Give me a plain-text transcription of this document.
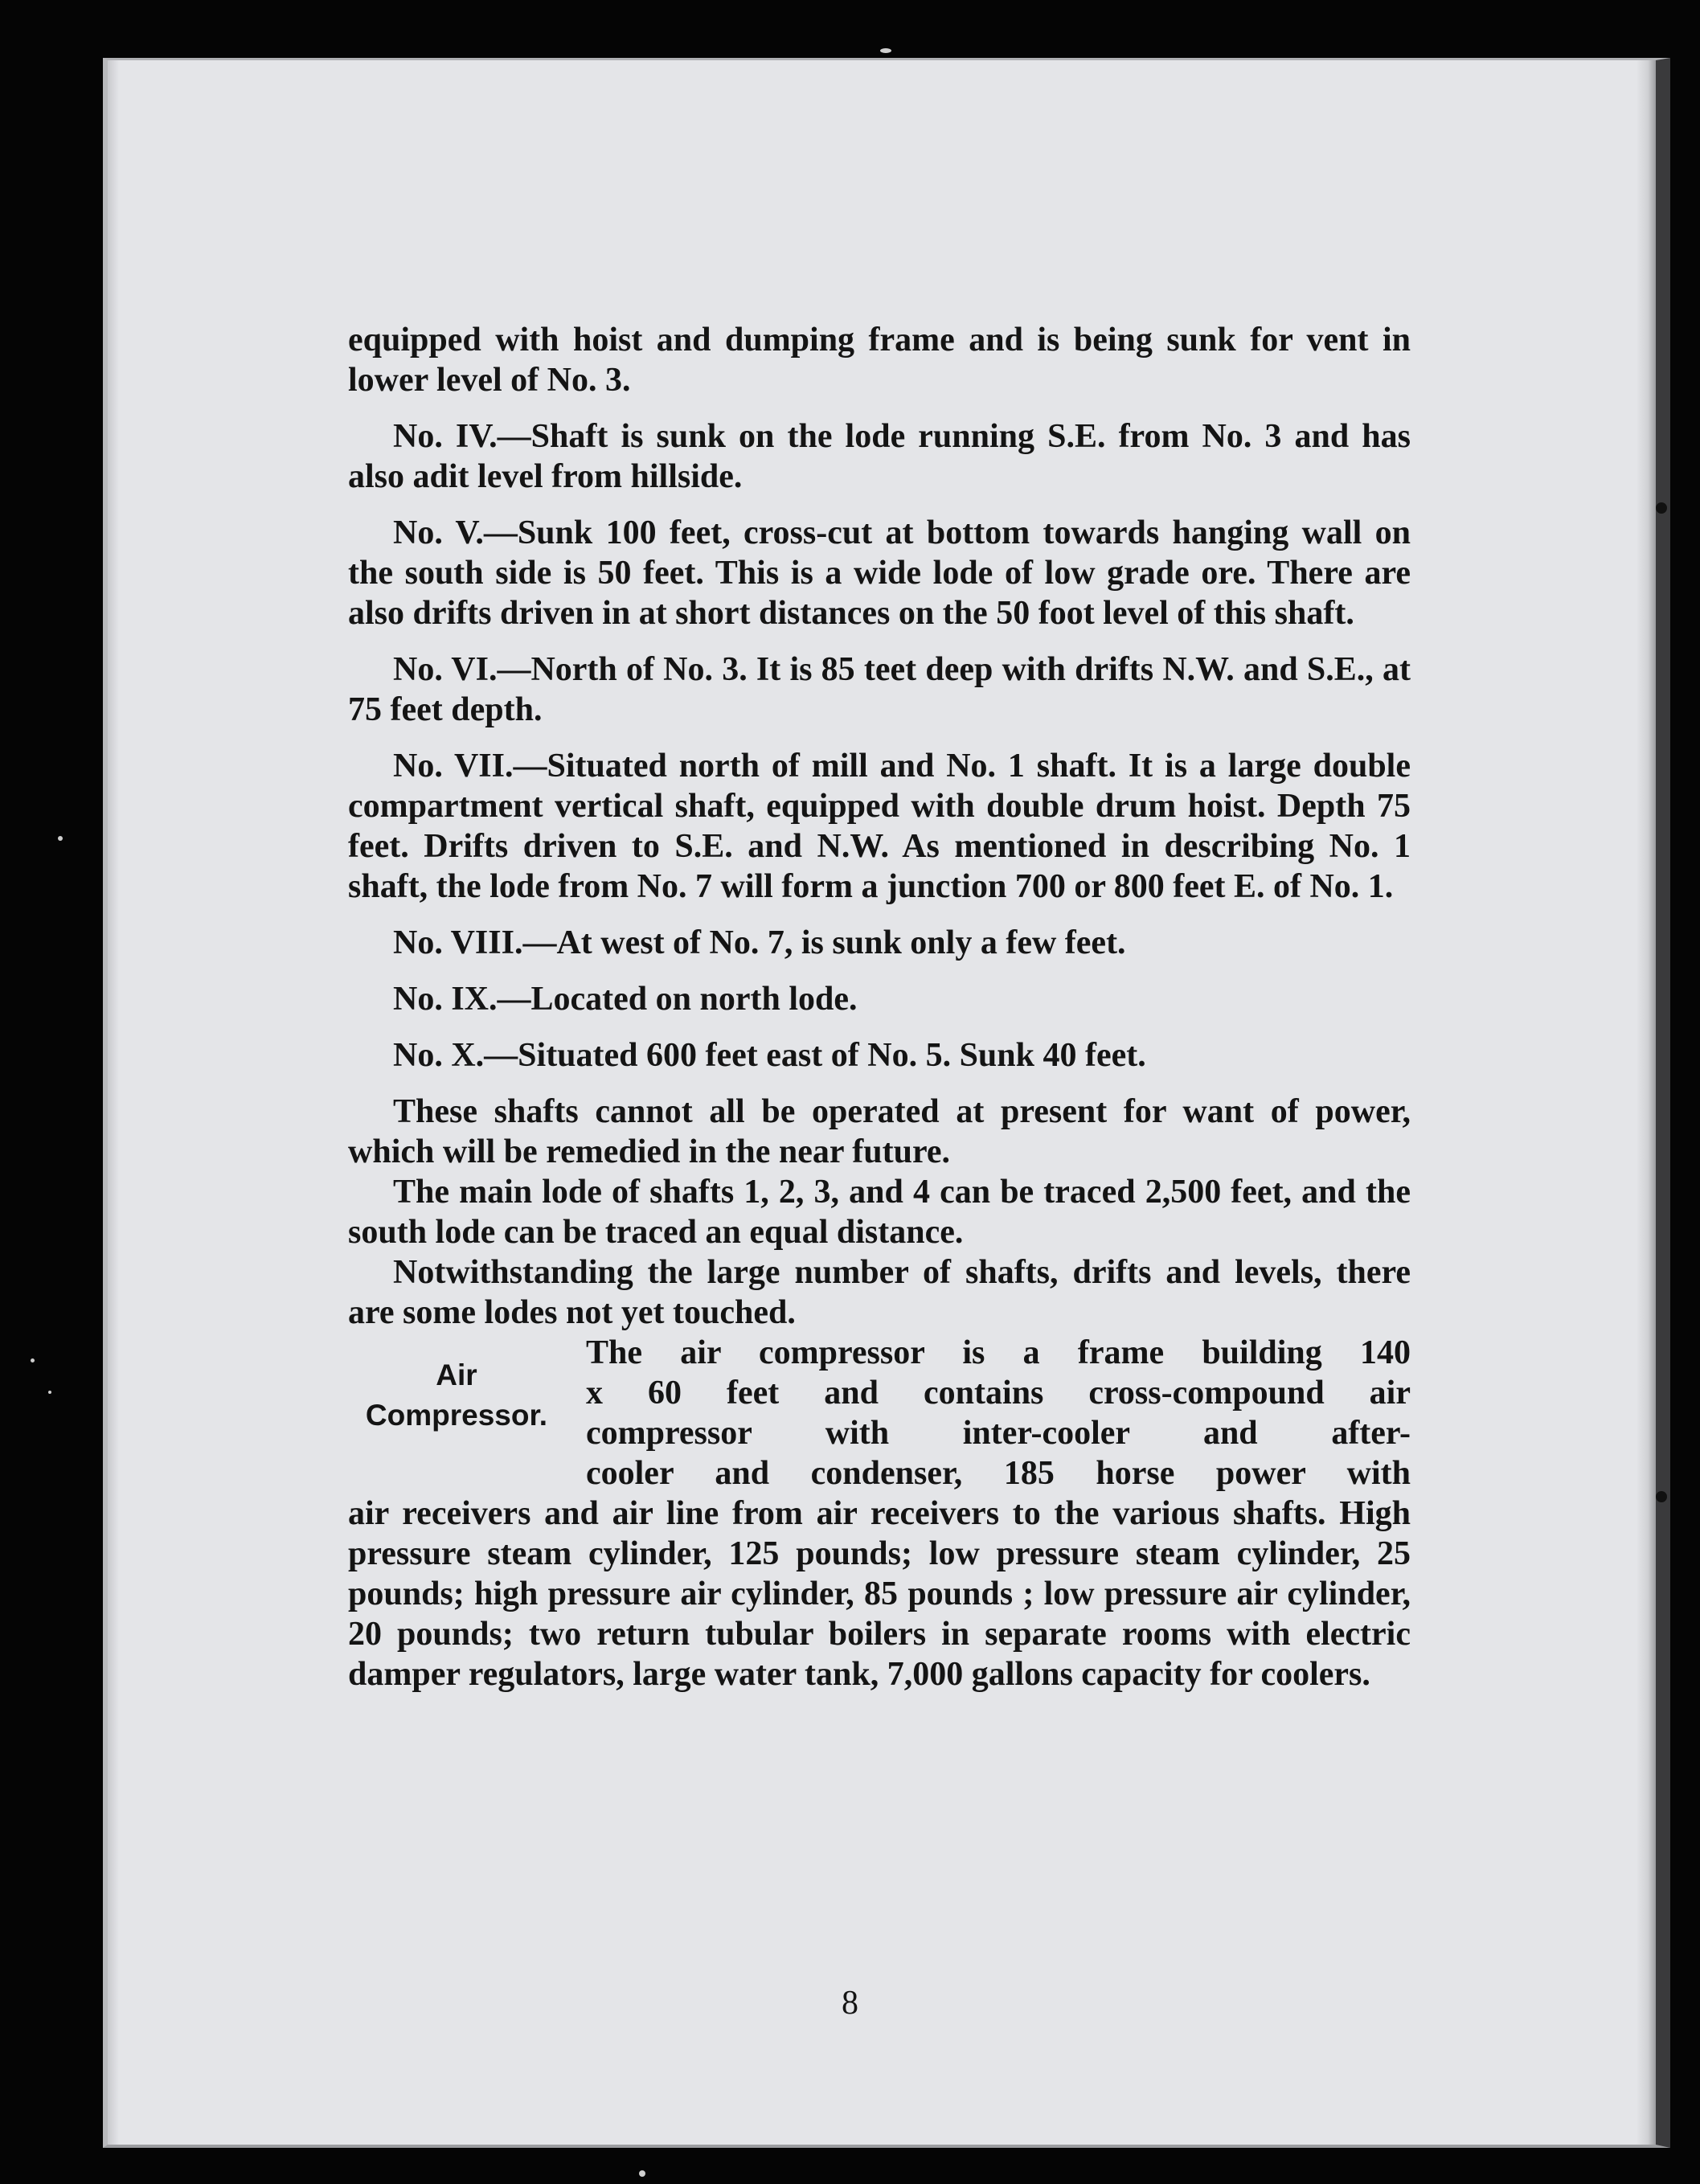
equipped with hoist and dumping frame and is being sunk for vent in lower level of No. 3.

No. IV.—Shaft is sunk on the lode running S.E. from No. 3 and has also adit level from hillside.

No. V.—Sunk 100 feet, cross-cut at bottom towards hanging wall on the south side is 50 feet. This is a wide lode of low grade ore. There are also drifts driven in at short distances on the 50 foot level of this shaft.

No. VI.—North of No. 3. It is 85 teet deep with drifts N.W. and S.E., at 75 feet depth.

No. VII.—Situated north of mill and No. 1 shaft. It is a large double compartment vertical shaft, equipped with double drum hoist. Depth 75 feet. Drifts driven to S.E. and N.W. As mentioned in describing No. 1 shaft, the lode from No. 7 will form a junction 700 or 800 feet E. of No. 1.

No. VIII.—At west of No. 7, is sunk only a few feet.

No. IX.—Located on north lode.

No. X.—Situated 600 feet east of No. 5. Sunk 40 feet.

These shafts cannot all be operated at present for want of power, which will be remedied in the near future.

The main lode of shafts 1, 2, 3, and 4 can be traced 2,500 feet, and the south lode can be traced an equal distance.

Notwithstanding the large number of shafts, drifts and levels, there are some lodes not yet touched.

Air
Compressor.
The air compressor is a frame building 140
x 60 feet and contains cross-compound air
compressor with inter-cooler and after-
cooler and condenser, 185 horse power with

air receivers and air line from air receivers to the various shafts. High pressure steam cylinder, 125 pounds; low pressure steam cylinder, 25 pounds; high pressure air cylinder, 85 pounds ; low pressure air cylinder, 20 pounds; two return tubular boilers in separate rooms with electric damper regulators, large water tank, 7,000 gallons capacity for coolers.

8
